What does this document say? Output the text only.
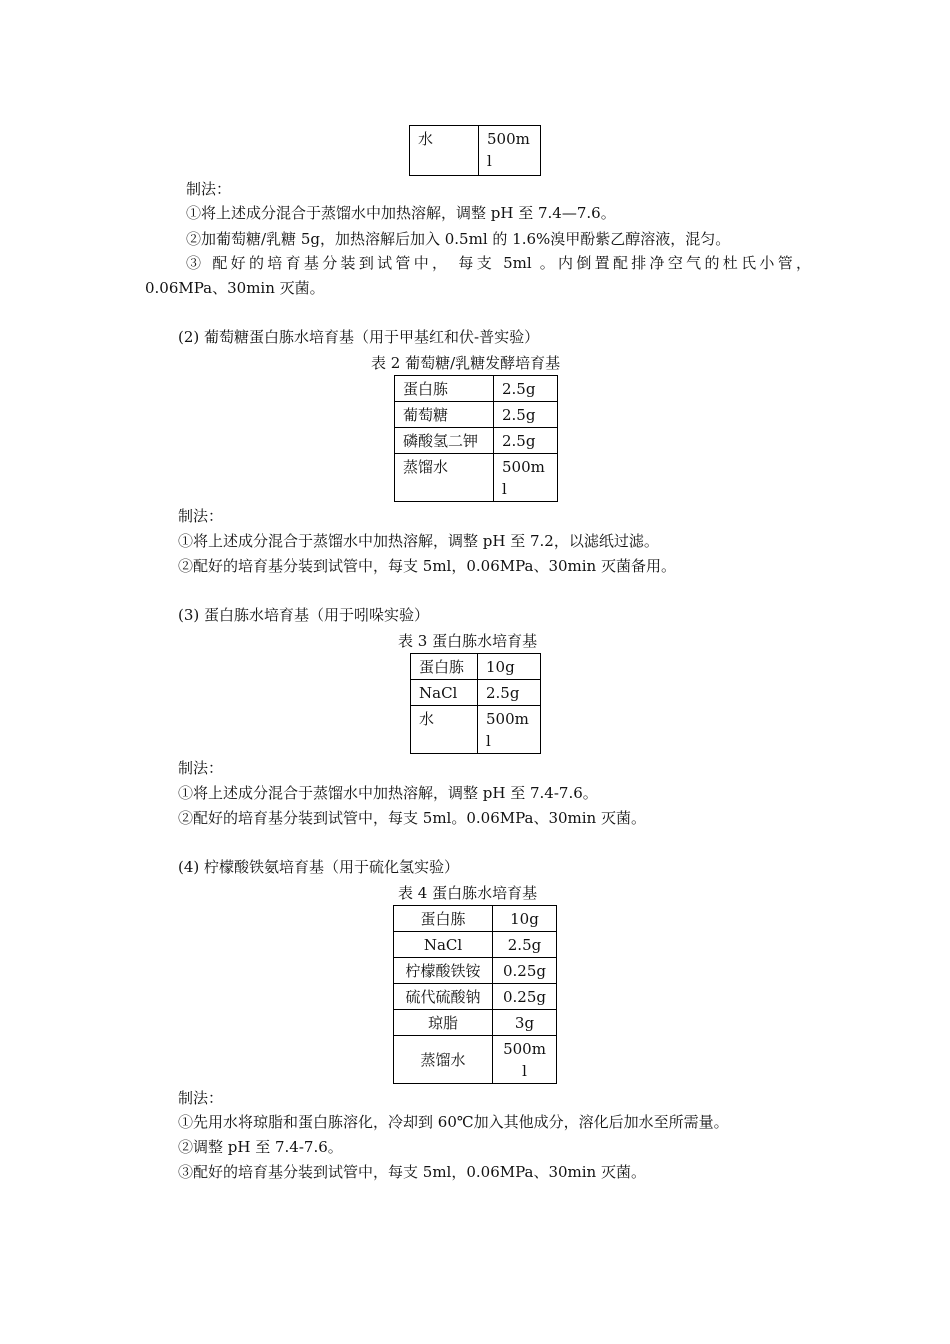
水	500m
l
制法：
①将上述成分混合于蒸馏水中加热溶解，调整 pH 至 7.4—7.6。
②加葡萄糖/乳糖 5g，加热溶解后加入 0.5ml 的 1.6%溴甲酚紫乙醇溶液，混匀。
③ 配好的培育基分装到试管中， 每支 5ml 。内倒置配排净空气的杜氏小管，
0.06MPa、30min 灭菌。
(2) 葡萄糖蛋白胨水培育基（用于甲基红和伏-普实验）
表 2 葡萄糖/乳糖发酵培育基
蛋白胨	2.5g
葡萄糖	2.5g
磷酸氢二钾	2.5g
蒸馏水	500m
l
制法：
①将上述成分混合于蒸馏水中加热溶解，调整 pH 至 7.2，以滤纸过滤。
②配好的培育基分装到试管中，每支 5ml，0.06MPa、30min 灭菌备用。
(3) 蛋白胨水培育基（用于吲哚实验）
表 3 蛋白胨水培育基
蛋白胨	10g
NaCl	2.5g
水	500m
l
制法：
①将上述成分混合于蒸馏水中加热溶解，调整 pH 至 7.4-7.6。
②配好的培育基分装到试管中，每支 5ml。0.06MPa、30min 灭菌。
(4) 柠檬酸铁氨培育基（用于硫化氢实验）
表 4 蛋白胨水培育基
蛋白胨	10g
NaCl	2.5g
柠檬酸铁铵	0.25g
硫代硫酸钠	0.25g
琼脂	3g
蒸馏水	500m
l
制法：
①先用水将琼脂和蛋白胨溶化，冷却到 60℃加入其他成分，溶化后加水至所需量。
②调整 pH 至 7.4-7.6。
③配好的培育基分装到试管中，每支 5ml，0.06MPa、30min 灭菌。
